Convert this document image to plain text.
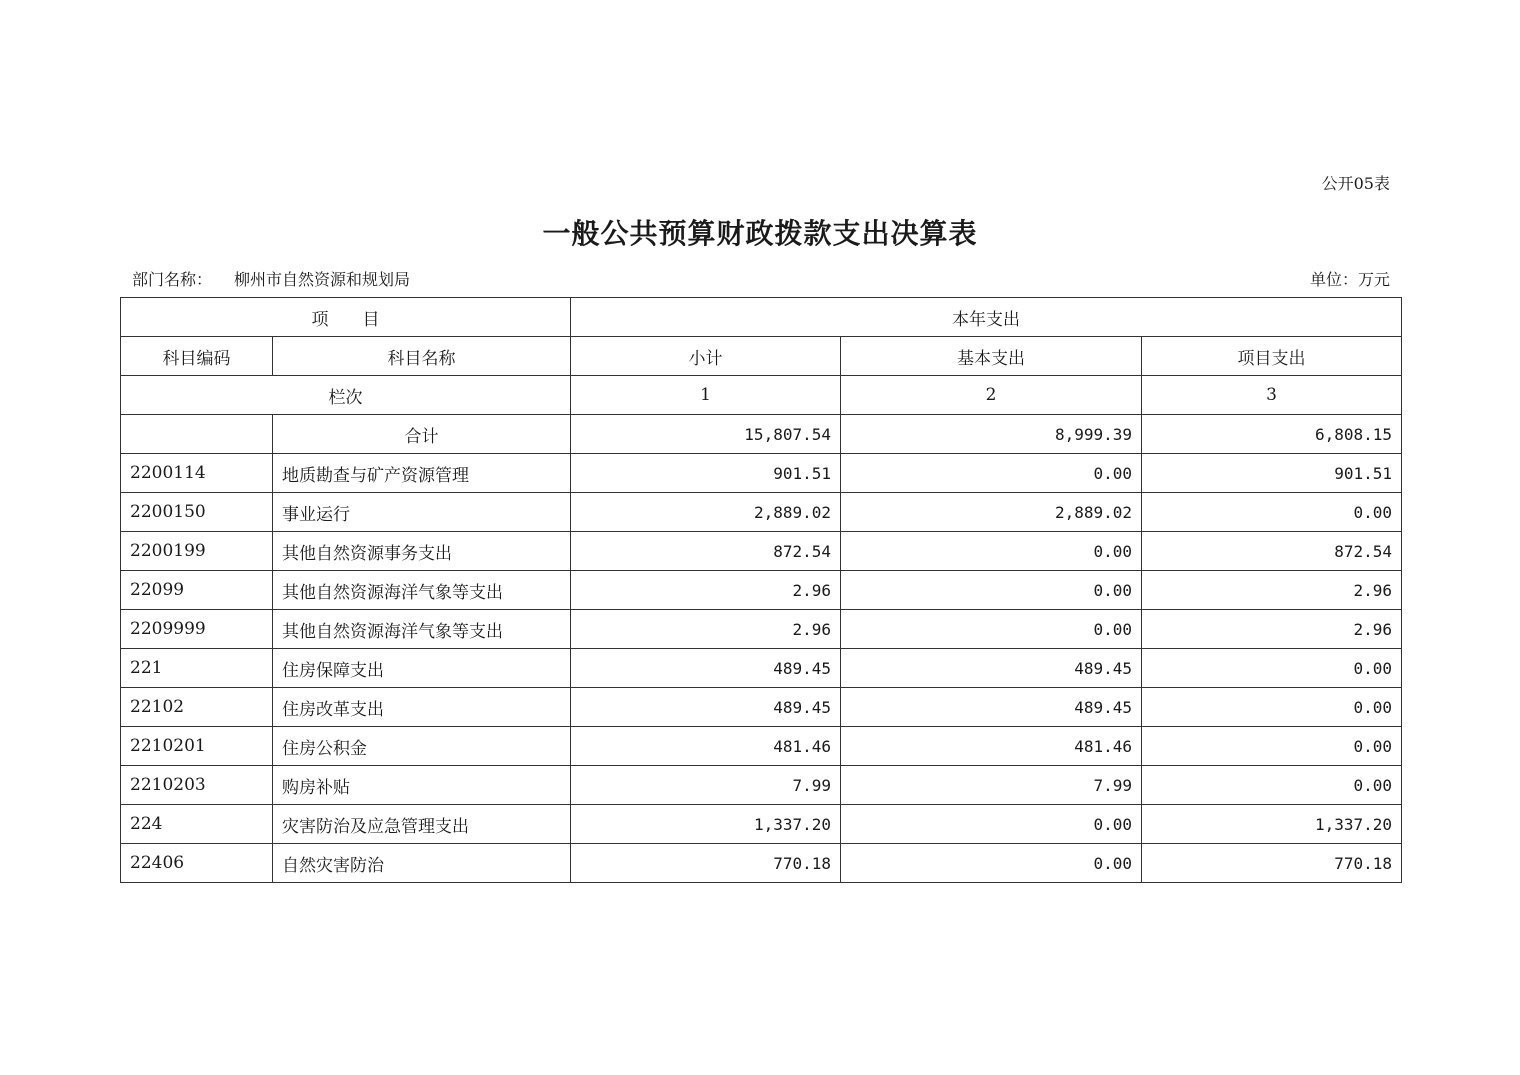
公开05表
一般公共预算财政拨款支出决算表
部门名称： 柳州市自然资源和规划局	单位：万元
项　　目		本年支出		
科目编码	科目名称	小计	基本支出	项目支出
栏次		1	2	3
	合计	15,807.54	8,999.39	6,808.15
2200114	地质勘查与矿产资源管理	901.51	0.00	901.51
2200150	事业运行	2,889.02	2,889.02	0.00
2200199	其他自然资源事务支出	872.54	0.00	872.54
22099	其他自然资源海洋气象等支出	2.96	0.00	2.96
2209999	其他自然资源海洋气象等支出	2.96	0.00	2.96
221	住房保障支出	489.45	489.45	0.00
22102	住房改革支出	489.45	489.45	0.00
2210201	住房公积金	481.46	481.46	0.00
2210203	购房补贴	7.99	7.99	0.00
224	灾害防治及应急管理支出	1,337.20	0.00	1,337.20
22406	自然灾害防治	770.18	0.00	770.18
